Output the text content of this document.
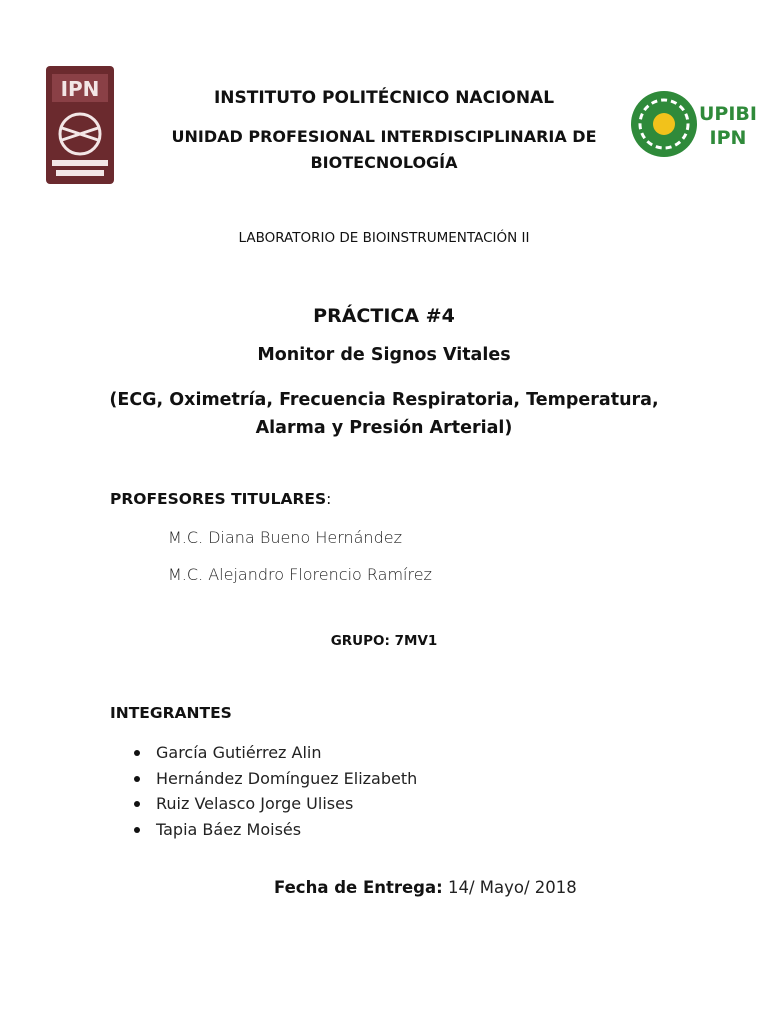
IPN
UPIBI
IPN
INSTITUTO POLITÉCNICO NACIONAL
UNIDAD PROFESIONAL INTERDISCIPLINARIA DE BIOTECNOLOGÍA
LABORATORIO DE BIOINSTRUMENTACIÓN II
PRÁCTICA #4
Monitor de Signos Vitales
(ECG, Oximetría, Frecuencia Respiratoria, Temperatura, Alarma y Presión Arterial)
PROFESORES TITULARES:
M.C. Diana Bueno Hernández
M.C. Alejandro Florencio Ramírez
GRUPO: 7MV1
INTEGRANTES
García Gutiérrez Alin
Hernández Domínguez Elizabeth
Ruiz Velasco Jorge Ulises
Tapia Báez Moisés
Fecha de Entrega: 14/ Mayo/ 2018
